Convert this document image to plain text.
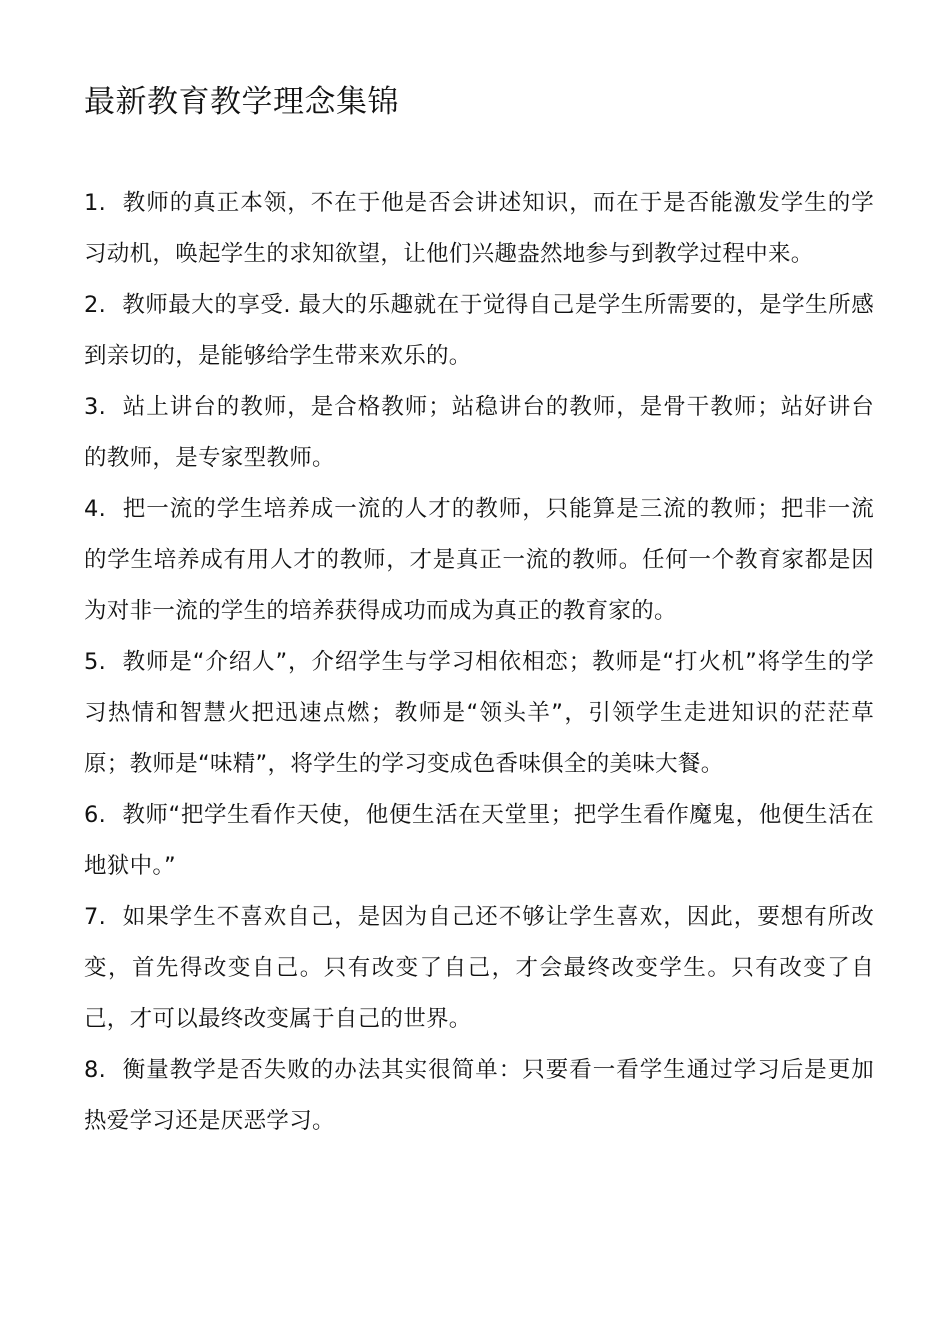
最新教育教学理念集锦
1. 教师的真正本领，不在于他是否会讲述知识，而在于是否能激发学生的学习动机，唤起学生的求知欲望，让他们兴趣盎然地参与到教学过程中来。
2. 教师最大的享受. 最大的乐趣就在于觉得自己是学生所需要的，是学生所感到亲切的，是能够给学生带来欢乐的。
3. 站上讲台的教师，是合格教师；站稳讲台的教师，是骨干教师；站好讲台的教师，是专家型教师。
4. 把一流的学生培养成一流的人才的教师，只能算是三流的教师；把非一流的学生培养成有用人才的教师，才是真正一流的教师。任何一个教育家都是因为对非一流的学生的培养获得成功而成为真正的教育家的。
5. 教师是“介绍人”，介绍学生与学习相依相恋；教师是“打火机”将学生的学习热情和智慧火把迅速点燃；教师是“领头羊”，引领学生走进知识的茫茫草原；教师是“味精”，将学生的学习变成色香味俱全的美味大餐。
6. 教师“把学生看作天使，他便生活在天堂里；把学生看作魔鬼，他便生活在地狱中。”
7. 如果学生不喜欢自己，是因为自己还不够让学生喜欢，因此，要想有所改变，首先得改变自己。只有改变了自己，才会最终改变学生。只有改变了自己，才可以最终改变属于自己的世界。
8. 衡量教学是否失败的办法其实很简单：只要看一看学生通过学习后是更加热爱学习还是厌恶学习。
